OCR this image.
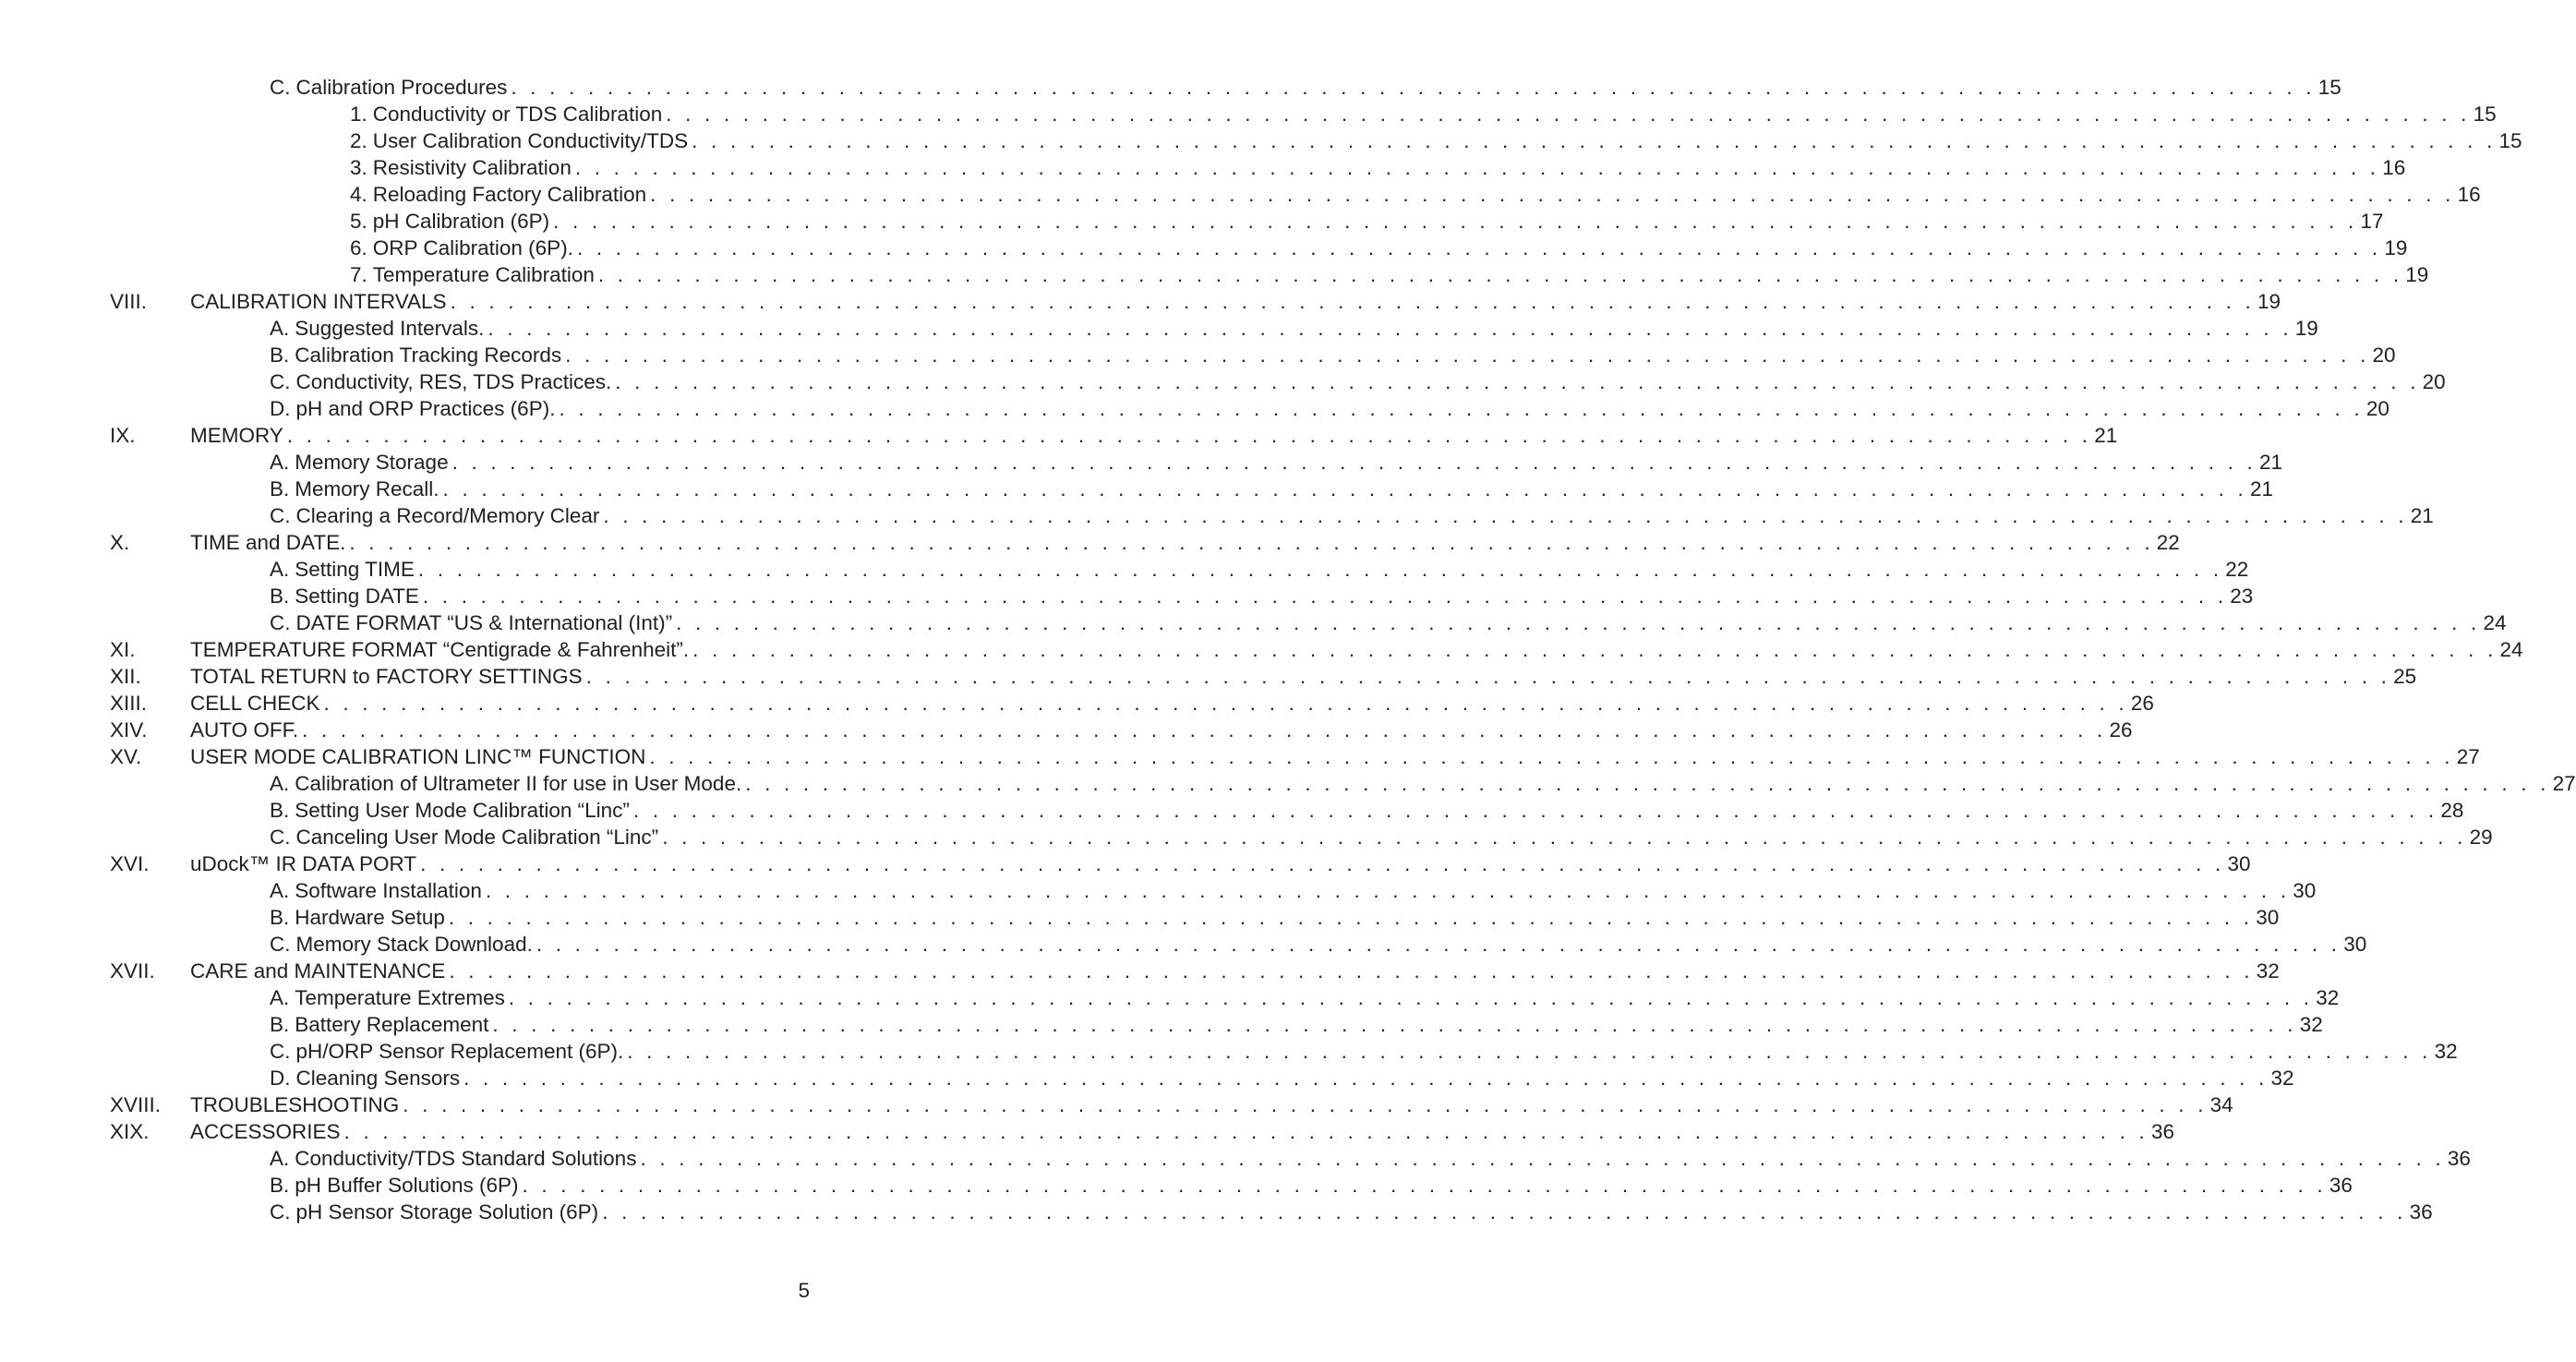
C. Calibration Procedures . . . . . . . . . . . . . . . . . . . . . . . . . . . . . . . . . . . . . . . . . . . . . . . . . . . . . . . . . . . . . . . . . . . . . . . . . . . . . . . . . . . . . . . . . . . . . . 15
1. Conductivity or TDS Calibration . . . . . . . . . . . . . . . . . . . . . . . . . . . . . . . . . . . . . . . . . . . . . . . . . . . . . . . . . . . . . . . . . . . . . . . . . . . . . . . . . . . . . . . . . . . . . . 15
2. User Calibration Conductivity/TDS . . . . . . . . . . . . . . . . . . . . . . . . . . . . . . . . . . . . . . . . . . . . . . . . . . . . . . . . . . . . . . . . . . . . . . . . . . . . . . . . . . . . . . . . . . . . . . 15
3. Resistivity Calibration . . . . . . . . . . . . . . . . . . . . . . . . . . . . . . . . . . . . . . . . . . . . . . . . . . . . . . . . . . . . . . . . . . . . . . . . . . . . . . . . . . . . . . . . . . . . . . 16
4. Reloading Factory Calibration . . . . . . . . . . . . . . . . . . . . . . . . . . . . . . . . . . . . . . . . . . . . . . . . . . . . . . . . . . . . . . . . . . . . . . . . . . . . . . . . . . . . . . . . . . . . . . 16
5. pH Calibration (6P) . . . . . . . . . . . . . . . . . . . . . . . . . . . . . . . . . . . . . . . . . . . . . . . . . . . . . . . . . . . . . . . . . . . . . . . . . . . . . . . . . . . . . . . . . . . . . . 17
6. ORP Calibration (6P). . . . . . . . . . . . . . . . . . . . . . . . . . . . . . . . . . . . . . . . . . . . . . . . . . . . . . . . . . . . . . . . . . . . . . . . . . . . . . . . . . . . . . . . . . . . . . . 19
7. Temperature Calibration . . . . . . . . . . . . . . . . . . . . . . . . . . . . . . . . . . . . . . . . . . . . . . . . . . . . . . . . . . . . . . . . . . . . . . . . . . . . . . . . . . . . . . . . . . . . . . 19
VIII. CALIBRATION INTERVALS . . . . . . . . . . . . . . . . . . . . . . . . . . . . . . . . . . . . . . . . . . . . . . . . . . . . . . . . . . . . . . . . . . . . . . . . . . . . . . . . . . . . . . . . . . . . . . 19
A. Suggested Intervals. . . . . . . . . . . . . . . . . . . . . . . . . . . . . . . . . . . . . . . . . . . . . . . . . . . . . . . . . . . . . . . . . . . . . . . . . . . . . . . . . . . . . . . . . . . . . . . 19
B. Calibration Tracking Records . . . . . . . . . . . . . . . . . . . . . . . . . . . . . . . . . . . . . . . . . . . . . . . . . . . . . . . . . . . . . . . . . . . . . . . . . . . . . . . . . . . . . . . . . . . . . . 20
C. Conductivity, RES, TDS Practices. . . . . . . . . . . . . . . . . . . . . . . . . . . . . . . . . . . . . . . . . . . . . . . . . . . . . . . . . . . . . . . . . . . . . . . . . . . . . . . . . . . . . . . . . . . . . . . 20
D. pH and ORP Practices (6P). . . . . . . . . . . . . . . . . . . . . . . . . . . . . . . . . . . . . . . . . . . . . . . . . . . . . . . . . . . . . . . . . . . . . . . . . . . . . . . . . . . . . . . . . . . . . . . 20
IX.	MEMORY . . . . . . . . . . . . . . . . . . . . . . . . . . . . . . . . . . . . . . . . . . . . . . . . . . . . . . . . . . . . . . . . . . . . . . . . . . . . . . . . . . . . . . . . . . . . . . 21
A. Memory Storage . . . . . . . . . . . . . . . . . . . . . . . . . . . . . . . . . . . . . . . . . . . . . . . . . . . . . . . . . . . . . . . . . . . . . . . . . . . . . . . . . . . . . . . . . . . . . . 21
B. Memory Recall. . . . . . . . . . . . . . . . . . . . . . . . . . . . . . . . . . . . . . . . . . . . . . . . . . . . . . . . . . . . . . . . . . . . . . . . . . . . . . . . . . . . . . . . . . . . . . . 21
C. Clearing a Record/Memory Clear . . . . . . . . . . . . . . . . . . . . . . . . . . . . . . . . . . . . . . . . . . . . . . . . . . . . . . . . . . . . . . . . . . . . . . . . . . . . . . . . . . . . . . . . . . . . . . 21
X.	TIME and DATE. . . . . . . . . . . . . . . . . . . . . . . . . . . . . . . . . . . . . . . . . . . . . . . . . . . . . . . . . . . . . . . . . . . . . . . . . . . . . . . . . . . . . . . . . . . . . . . 22
A. Setting TIME . . . . . . . . . . . . . . . . . . . . . . . . . . . . . . . . . . . . . . . . . . . . . . . . . . . . . . . . . . . . . . . . . . . . . . . . . . . . . . . . . . . . . . . . . . . . . . 22
B. Setting DATE . . . . . . . . . . . . . . . . . . . . . . . . . . . . . . . . . . . . . . . . . . . . . . . . . . . . . . . . . . . . . . . . . . . . . . . . . . . . . . . . . . . . . . . . . . . . . . 23
C. DATE FORMAT “US & International (Int)” . . . . . . . . . . . . . . . . . . . . . . . . . . . . . . . . . . . . . . . . . . . . . . . . . . . . . . . . . . . . . . . . . . . . . . . . . . . . . . . . . . . . . . . . . . . . . . 24
XI.	TEMPERATURE FORMAT “Centigrade & Fahrenheit”. . . . . . . . . . . . . . . . . . . . . . . . . . . . . . . . . . . . . . . . . . . . . . . . . . . . . . . . . . . . . . . . . . . . . . . . . . . . . . . . . . . . . . . . . . . . . . . 24
XII. TOTAL RETURN to FACTORY SETTINGS . . . . . . . . . . . . . . . . . . . . . . . . . . . . . . . . . . . . . . . . . . . . . . . . . . . . . . . . . . . . . . . . . . . . . . . . . . . . . . . . . . . . . . . . . . . . . . 25
XIII. CELL CHECK . . . . . . . . . . . . . . . . . . . . . . . . . . . . . . . . . . . . . . . . . . . . . . . . . . . . . . . . . . . . . . . . . . . . . . . . . . . . . . . . . . . . . . . . . . . . . . 26
XIV. AUTO OFF. . . . . . . . . . . . . . . . . . . . . . . . . . . . . . . . . . . . . . . . . . . . . . . . . . . . . . . . . . . . . . . . . . . . . . . . . . . . . . . . . . . . . . . . . . . . . . . 26
XV. USER MODE CALIBRATION LINC™ FUNCTION . . . . . . . . . . . . . . . . . . . . . . . . . . . . . . . . . . . . . . . . . . . . . . . . . . . . . . . . . . . . . . . . . . . . . . . . . . . . . . . . . . . . . . . . . . . . . . 27
A. Calibration of Ultrameter II for use in User Mode. . . . . . . . . . . . . . . . . . . . . . . . . . . . . . . . . . . . . . . . . . . . . . . . . . . . . . . . . . . . . . . . . . . . . . . . . . . . . . . . . . . . . . . . . . . . . . . 27
B. Setting User Mode Calibration “Linc” . . . . . . . . . . . . . . . . . . . . . . . . . . . . . . . . . . . . . . . . . . . . . . . . . . . . . . . . . . . . . . . . . . . . . . . . . . . . . . . . . . . . . . . . . . . . . . 28
C. Canceling User Mode Calibration “Linc” . . . . . . . . . . . . . . . . . . . . . . . . . . . . . . . . . . . . . . . . . . . . . . . . . . . . . . . . . . . . . . . . . . . . . . . . . . . . . . . . . . . . . . . . . . . . . . 29
XVI. uDock™ IR DATA PORT . . . . . . . . . . . . . . . . . . . . . . . . . . . . . . . . . . . . . . . . . . . . . . . . . . . . . . . . . . . . . . . . . . . . . . . . . . . . . . . . . . . . . . . . . . . . . . 30
A. Software Installation . . . . . . . . . . . . . . . . . . . . . . . . . . . . . . . . . . . . . . . . . . . . . . . . . . . . . . . . . . . . . . . . . . . . . . . . . . . . . . . . . . . . . . . . . . . . . . 30
B. Hardware Setup . . . . . . . . . . . . . . . . . . . . . . . . . . . . . . . . . . . . . . . . . . . . . . . . . . . . . . . . . . . . . . . . . . . . . . . . . . . . . . . . . . . . . . . . . . . . . . 30
C. Memory Stack Download. . . . . . . . . . . . . . . . . . . . . . . . . . . . . . . . . . . . . . . . . . . . . . . . . . . . . . . . . . . . . . . . . . . . . . . . . . . . . . . . . . . . . . . . . . . . . . . 30
XVII. CARE and MAINTENANCE . . . . . . . . . . . . . . . . . . . . . . . . . . . . . . . . . . . . . . . . . . . . . . . . . . . . . . . . . . . . . . . . . . . . . . . . . . . . . . . . . . . . . . . . . . . . . . 32
A. Temperature Extremes . . . . . . . . . . . . . . . . . . . . . . . . . . . . . . . . . . . . . . . . . . . . . . . . . . . . . . . . . . . . . . . . . . . . . . . . . . . . . . . . . . . . . . . . . . . . . . 32
B. Battery Replacement . . . . . . . . . . . . . . . . . . . . . . . . . . . . . . . . . . . . . . . . . . . . . . . . . . . . . . . . . . . . . . . . . . . . . . . . . . . . . . . . . . . . . . . . . . . . . . 32
C. pH/ORP Sensor Replacement (6P). . . . . . . . . . . . . . . . . . . . . . . . . . . . . . . . . . . . . . . . . . . . . . . . . . . . . . . . . . . . . . . . . . . . . . . . . . . . . . . . . . . . . . . . . . . . . . . 32
D. Cleaning Sensors . . . . . . . . . . . . . . . . . . . . . . . . . . . . . . . . . . . . . . . . . . . . . . . . . . . . . . . . . . . . . . . . . . . . . . . . . . . . . . . . . . . . . . . . . . . . . . 32
XVIII. TROUBLESHOOTING . . . . . . . . . . . . . . . . . . . . . . . . . . . . . . . . . . . . . . . . . . . . . . . . . . . . . . . . . . . . . . . . . . . . . . . . . . . . . . . . . . . . . . . . . . . . . . 34
XIX. ACCESSORIES . . . . . . . . . . . . . . . . . . . . . . . . . . . . . . . . . . . . . . . . . . . . . . . . . . . . . . . . . . . . . . . . . . . . . . . . . . . . . . . . . . . . . . . . . . . . . . 36
A. Conductivity/TDS Standard Solutions . . . . . . . . . . . . . . . . . . . . . . . . . . . . . . . . . . . . . . . . . . . . . . . . . . . . . . . . . . . . . . . . . . . . . . . . . . . . . . . . . . . . . . . . . . . . . . 36
B. pH Buffer Solutions (6P) . . . . . . . . . . . . . . . . . . . . . . . . . . . . . . . . . . . . . . . . . . . . . . . . . . . . . . . . . . . . . . . . . . . . . . . . . . . . . . . . . . . . . . . . . . . . . . 36
C. pH Sensor Storage Solution (6P) . . . . . . . . . . . . . . . . . . . . . . . . . . . . . . . . . . . . . . . . . . . . . . . . . . . . . . . . . . . . . . . . . . . . . . . . . . . . . . . . . . . . . . . . . . . . . . 36
5
